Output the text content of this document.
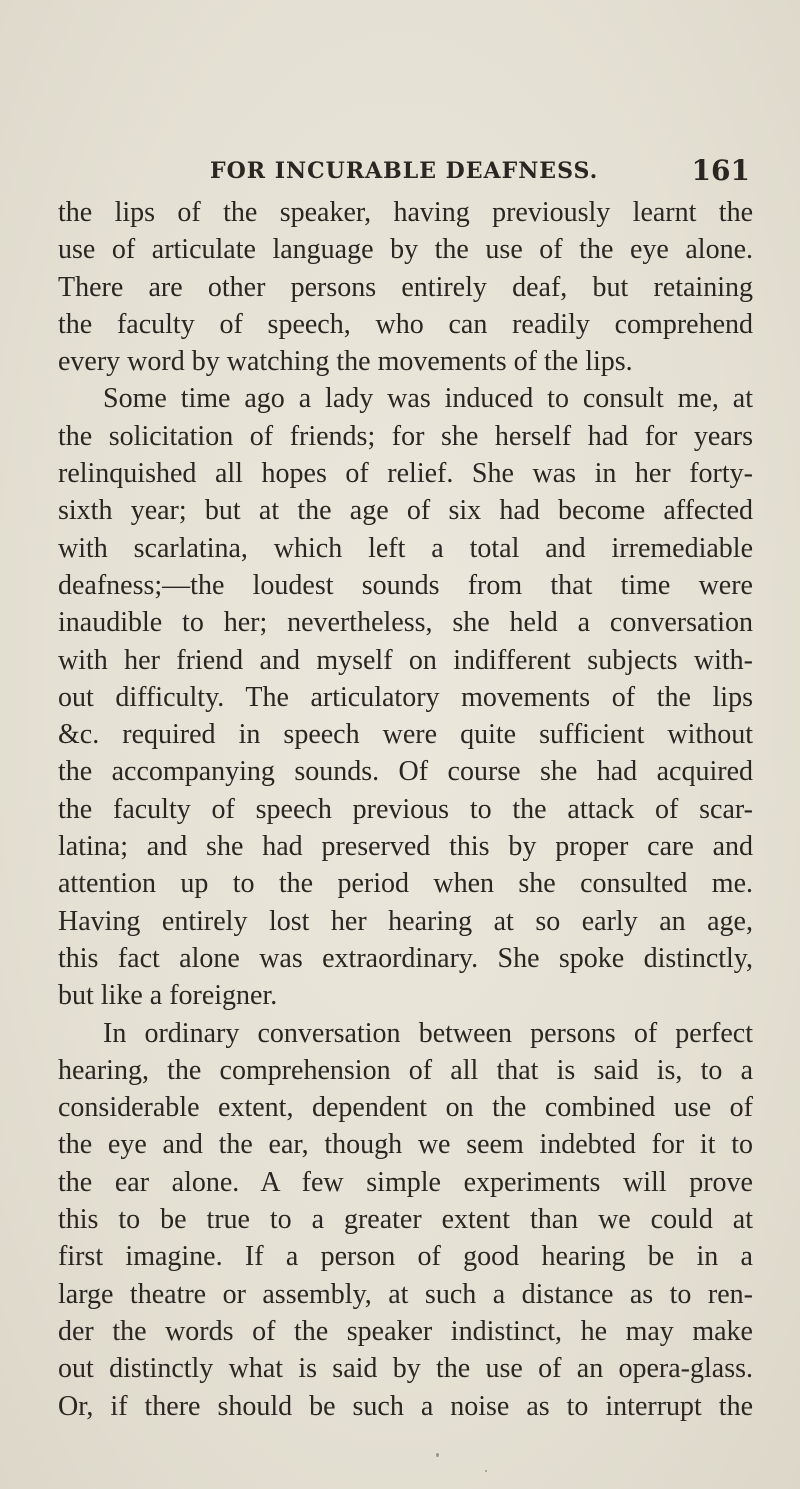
FOR INCURABLE DEAFNESS.	161
the lips of the speaker, having previously learnt the
use of articulate language by the use of the eye alone.
There are other persons entirely deaf, but retaining
the faculty of speech, who can readily comprehend
every word by watching the movements of the lips.
Some time ago a lady was induced to consult me, at
the solicitation of friends; for she herself had for years
relinquished all hopes of relief. She was in her forty-
sixth year; but at the age of six had become affected
with scarlatina, which left a total and irremediable
deafness;—the loudest sounds from that time were
inaudible to her; nevertheless, she held a conversation
with her friend and myself on indifferent subjects with-
out difficulty. The articulatory movements of the lips
&c. required in speech were quite sufficient without
the accompanying sounds. Of course she had acquired
the faculty of speech previous to the attack of scar-
latina; and she had preserved this by proper care and
attention up to the period when she consulted me.
Having entirely lost her hearing at so early an age,
this fact alone was extraordinary. She spoke distinctly,
but like a foreigner.
In ordinary conversation between persons of perfect
hearing, the comprehension of all that is said is, to a
considerable extent, dependent on the combined use of
the eye and the ear, though we seem indebted for it to
the ear alone. A few simple experiments will prove
this to be true to a greater extent than we could at
first imagine. If a person of good hearing be in a
large theatre or assembly, at such a distance as to ren-
der the words of the speaker indistinct, he may make
out distinctly what is said by the use of an opera-glass.
Or, if there should be such a noise as to interrupt the
